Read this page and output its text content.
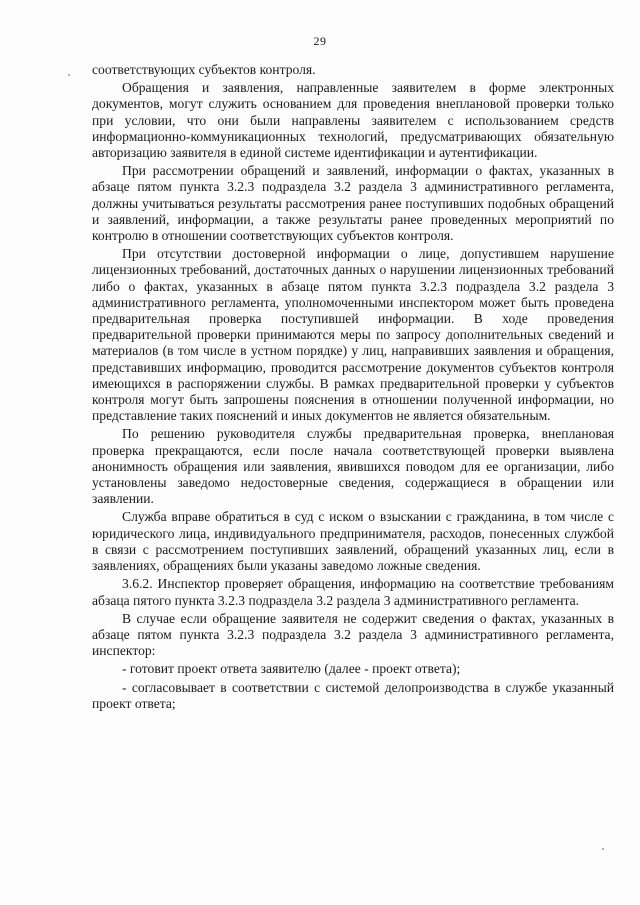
29

соответствующих субъектов контроля.

Обращения и заявления, направленные заявителем в форме электронных документов, могут служить основанием для проведения внеплановой проверки только при условии, что они были направлены заявителем с использованием средств информационно-коммуникационных технологий, предусматривающих обязательную авторизацию заявителя в единой системе идентификации и аутентификации.

При рассмотрении обращений и заявлений, информации о фактах, указанных в абзаце пятом пункта 3.2.3 подраздела 3.2 раздела 3 административного регламента, должны учитываться результаты рассмотрения ранее поступивших подобных обращений и заявлений, информации, а также результаты ранее проведенных мероприятий по контролю в отношении соответствующих субъектов контроля.

При отсутствии достоверной информации о лице, допустившем нарушение лицензионных требований, достаточных данных о нарушении лицензионных требований либо о фактах, указанных в абзаце пятом пункта 3.2.3 подраздела 3.2 раздела 3 административного регламента, уполномоченными инспектором может быть проведена предварительная проверка поступившей информации. В ходе проведения предварительной проверки принимаются меры по запросу дополнительных сведений и материалов (в том числе в устном порядке) у лиц, направивших заявления и обращения, представивших информацию, проводится рассмотрение документов субъектов контроля имеющихся в распоряжении службы. В рамках предварительной проверки у субъектов контроля могут быть запрошены пояснения в отношении полученной информации, но представление таких пояснений и иных документов не является обязательным.

По решению руководителя службы предварительная проверка, внеплановая проверка прекращаются, если после начала соответствующей проверки выявлена анонимность обращения или заявления, явившихся поводом для ее организации, либо установлены заведомо недостоверные сведения, содержащиеся в обращении или заявлении.

Служба вправе обратиться в суд с иском о взыскании с гражданина, в том числе с юридического лица, индивидуального предпринимателя, расходов, понесенных службой в связи с рассмотрением поступивших заявлений, обращений указанных лиц, если в заявлениях, обращениях были указаны заведомо ложные сведения.

3.6.2. Инспектор проверяет обращения, информацию на соответствие требованиям абзаца пятого пункта 3.2.3 подраздела 3.2 раздела 3 административного регламента.

В случае если обращение заявителя не содержит сведения о фактах, указанных в абзаце пятом пункта 3.2.3 подраздела 3.2 раздела 3 административного регламента, инспектор:

- готовит проект ответа заявителю (далее - проект ответа);

- согласовывает в соответствии с системой делопроизводства в службе указанный проект ответа;
